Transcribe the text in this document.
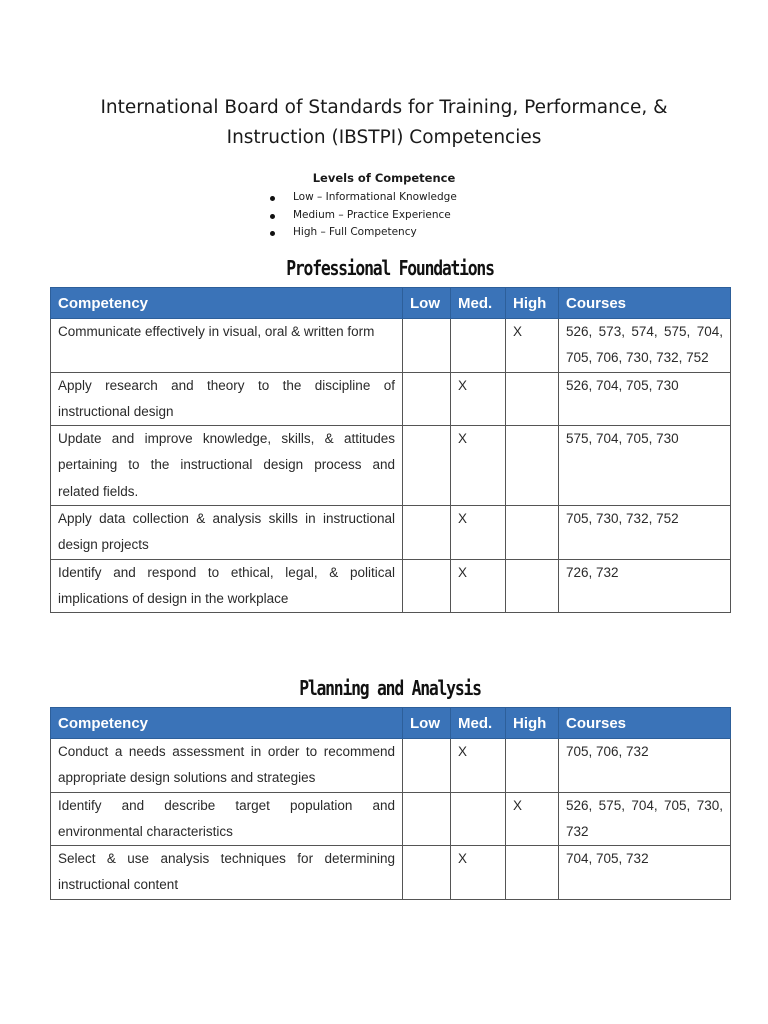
International Board of Standards for Training, Performance, &
Instruction (IBSTPI) Competencies

Levels of Competence

Low – Informational Knowledge
Medium – Practice Experience
High – Full Competency
Professional Foundations
Competency	Low	Med.	High	Courses
Communicate effectively in visual, oral & written form			X	526, 573, 574, 575, 704, 705, 706, 730, 732, 752
Apply research and theory to the discipline of instructional design		X		526, 704, 705, 730
Update and improve knowledge, skills, & attitudes pertaining to the instructional design process and related fields.		X		575, 704, 705, 730
Apply data collection & analysis skills in instructional design projects		X		705, 730, 732, 752
Identify and respond to ethical, legal, & political implications of design in the workplace		X		726, 732
Planning and Analysis
Competency	Low	Med.	High	Courses
Conduct a needs assessment in order to recommend appropriate design solutions and strategies		X		705, 706, 732
Identify and describe target population and environmental characteristics			X	526, 575, 704, 705, 730, 732
Select & use analysis techniques for determining instructional content		X		704, 705, 732
